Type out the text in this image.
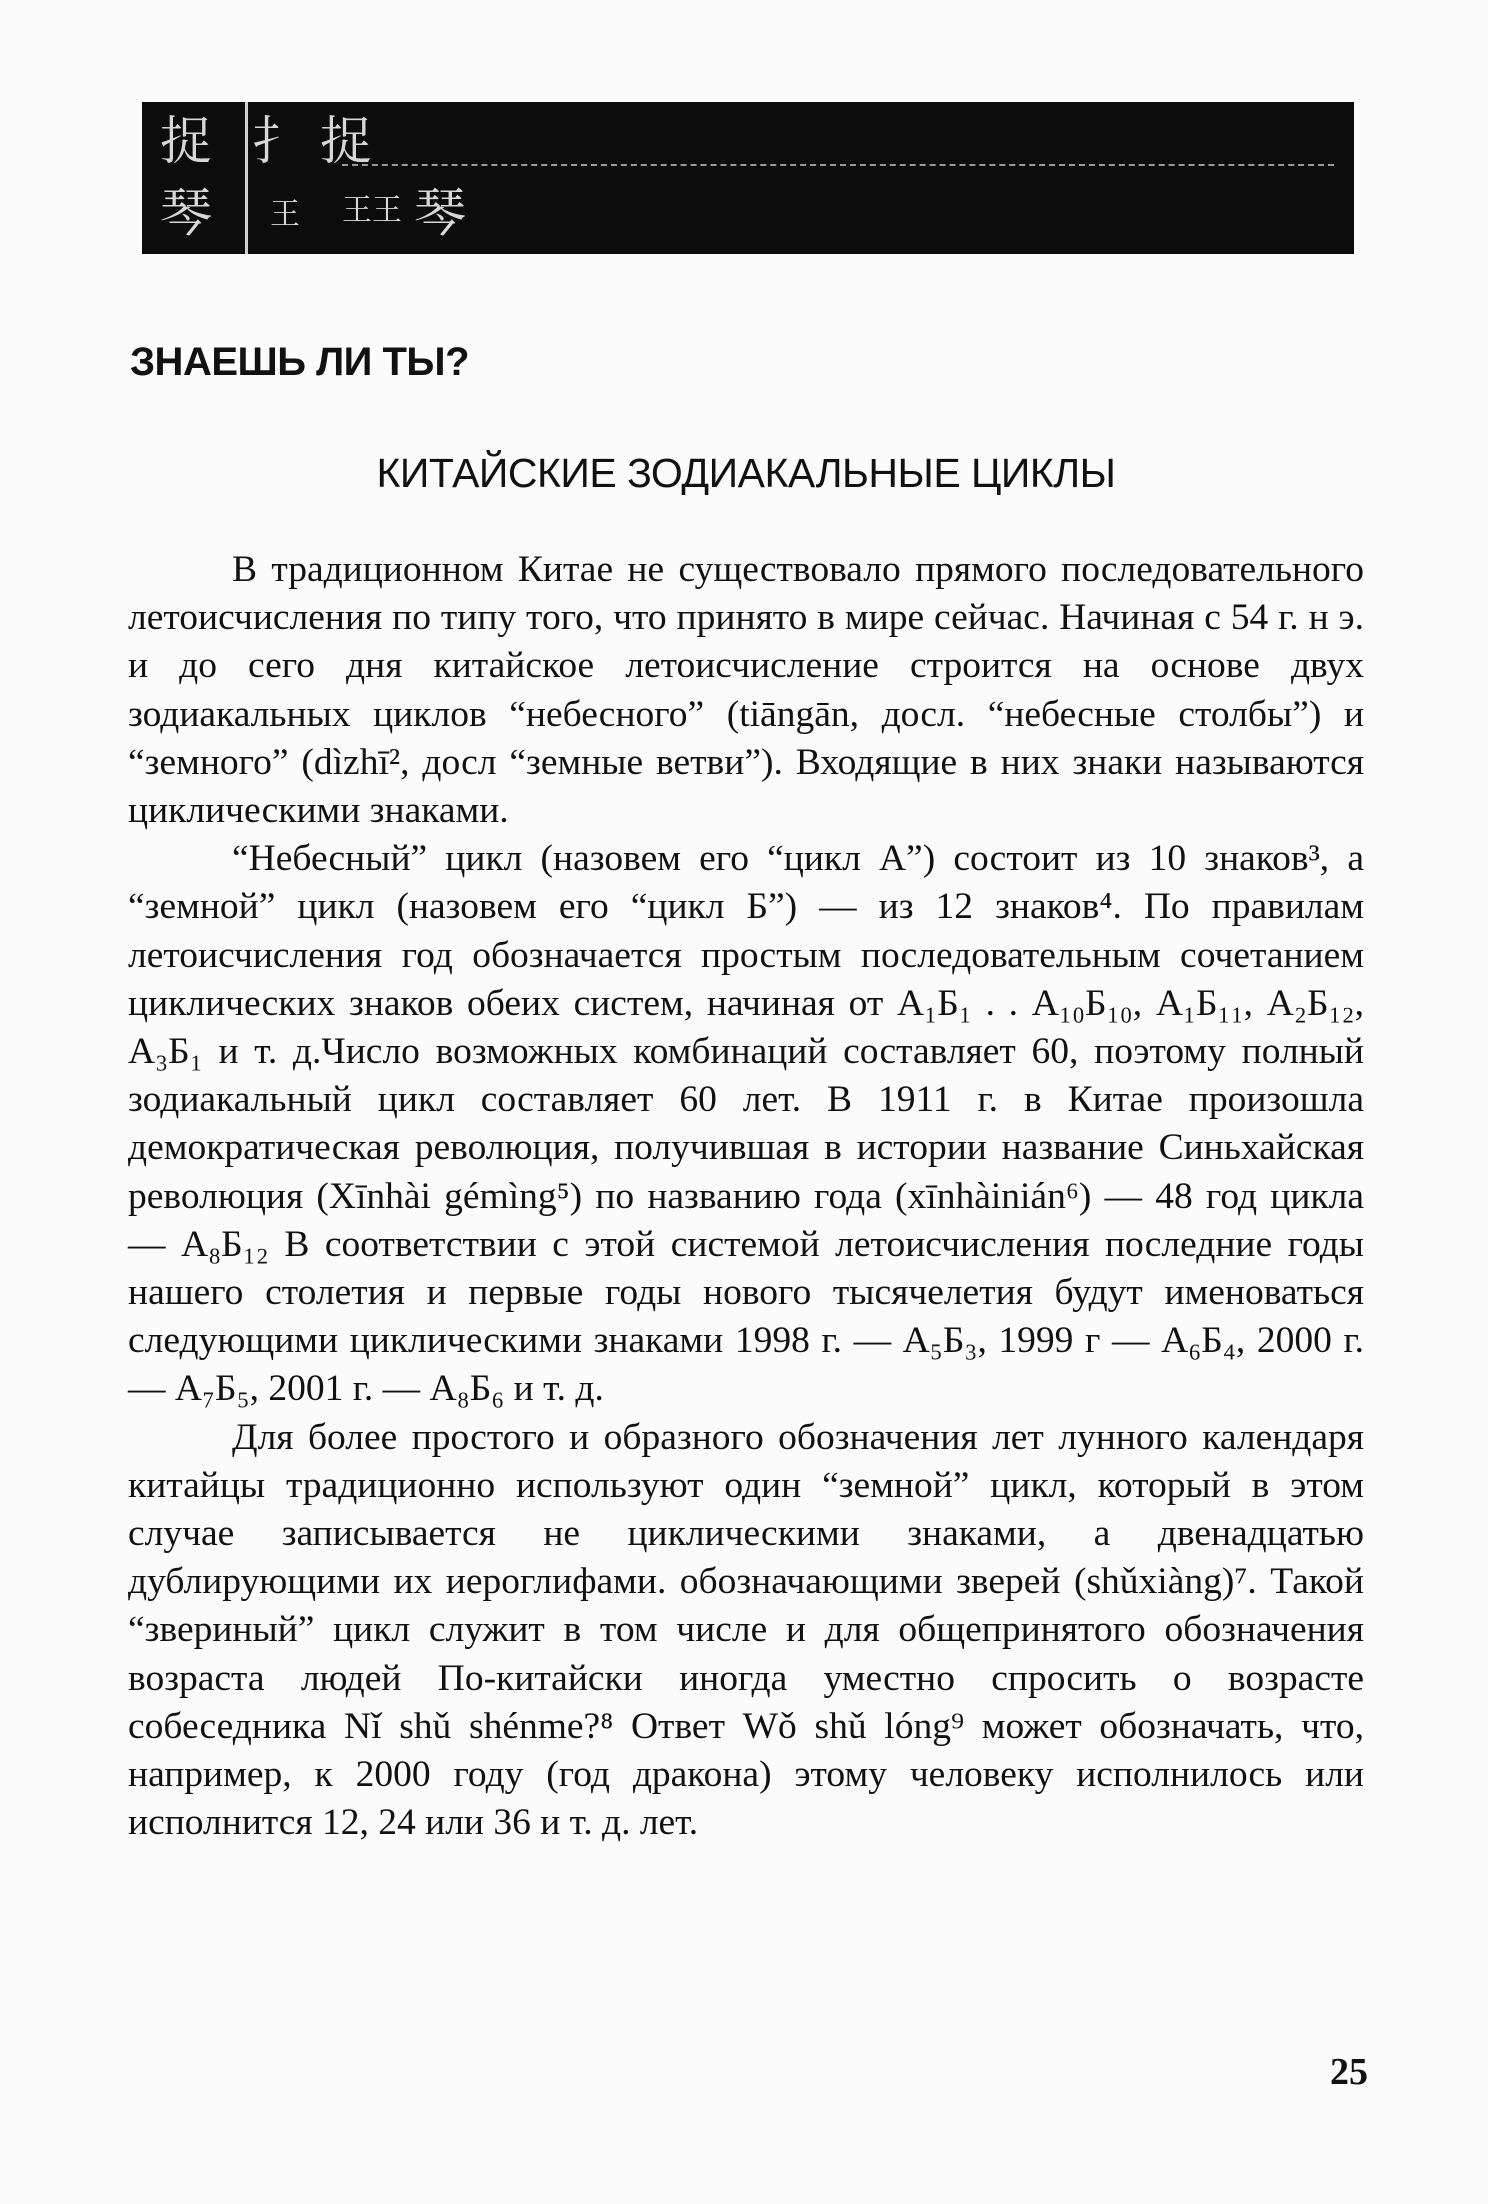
捉 扌 捉
琴 王 王王 琴
ЗНАЕШЬ ЛИ ТЫ?
КИТАЙСКИЕ ЗОДИАКАЛЬНЫЕ ЦИКЛЫ

В традиционном Китае не существовало прямого последовательного летоисчисления по типу того, что принято в мире сейчас. Начиная с 54 г. н э. и до сего дня китайское летоисчисление строится на основе двух зодиакальных циклов “небесного” (tiāngān, досл. “небесные столбы”) и “земного” (dìzhī², досл “земные ветви”). Входящие в них знаки называются циклическими знаками.

“Небесный” цикл (назовем его “цикл А”) состоит из 10 знаков³, а “земной” цикл (назовем его “цикл Б”) — из 12 знаков⁴. По правилам летоисчисления год обозначается простым последовательным сочетанием циклических знаков обеих систем, начиная от А₁Б₁ . . А₁₀Б₁₀, А₁Б₁₁, А₂Б₁₂, А₃Б₁ и т. д.Число возможных комбинаций составляет 60, поэтому полный зодиакальный цикл составляет 60 лет. В 1911 г. в Китае произошла демократическая революция, получившая в истории название Синьхайская революция (Xīnhài gémìng⁵) по названию года (xīnhàinián⁶) — 48 год цикла — А₈Б₁₂ В соответствии с этой системой летоисчисления последние годы нашего столетия и первые годы нового тысячелетия будут именоваться следующими циклическими знаками 1998 г. — А₅Б₃, 1999 г — А₆Б₄, 2000 г. — А₇Б₅, 2001 г. — А₈Б₆ и т. д.

Для более простого и образного обозначения лет лунного календаря китайцы традиционно используют один “земной” цикл, который в этом случае записывается не циклическими знаками, а двенадцатью дублирующими их иероглифами. обозначающими зверей (shǔxiàng)⁷. Такой “звериный” цикл служит в том числе и для общепринятого обозначения возраста людей По-китайски иногда уместно спросить о возрасте собеседника Nǐ shǔ shénme?⁸ Ответ Wǒ shǔ lóng⁹ может обозначать, что, например, к 2000 году (год дракона) этому человеку исполнилось или исполнится 12, 24 или 36 и т. д. лет.

25
